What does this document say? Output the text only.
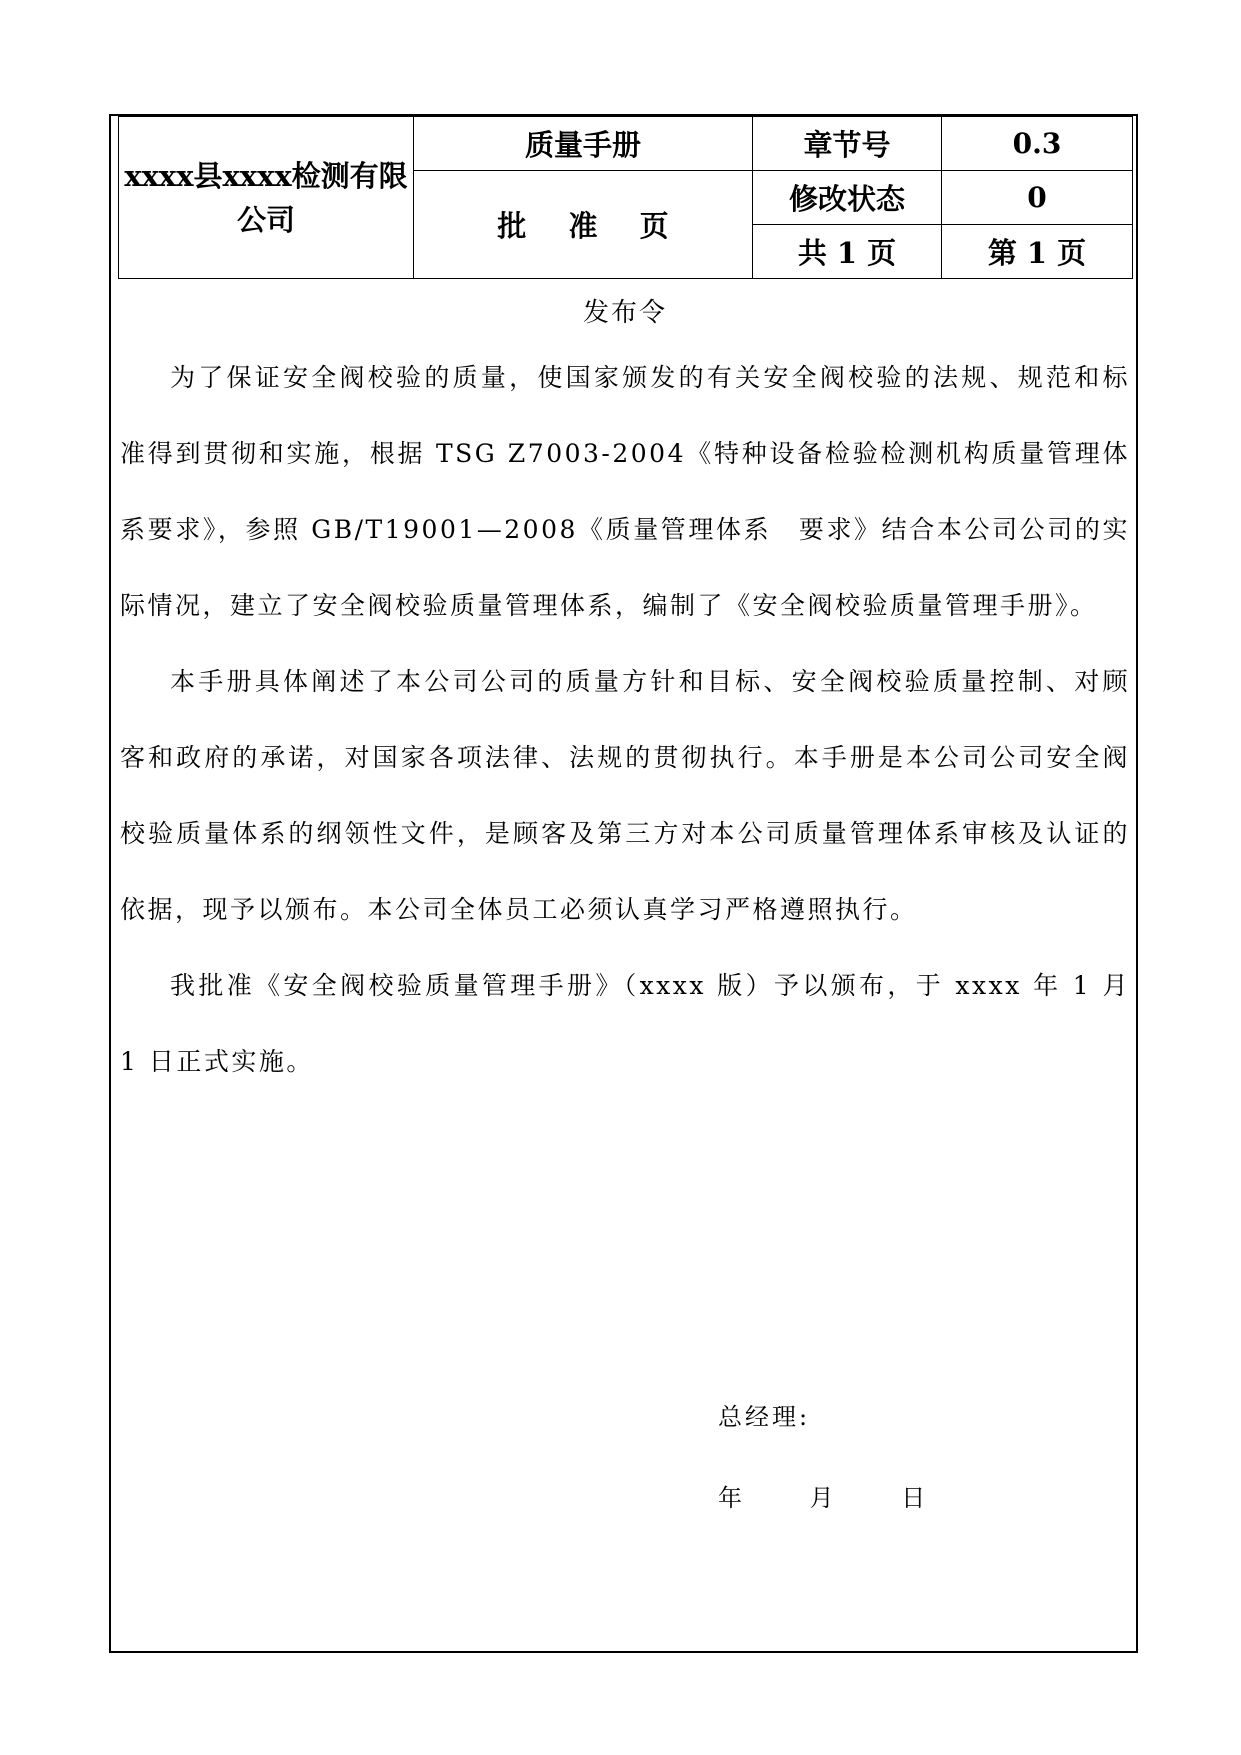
xxxx县xxxx检测有限公司	质量手册	章节号	0.3
	批 准 页	修改状态	0
		共 1 页	第 1 页
发布令

为了保证安全阀校验的质量，使国家颁发的有关安全阀校验的法规、规范和标准得到贯彻和实施，根据 TSG Z7003-2004《特种设备检验检测机构质量管理体系要求》，参照 GB/T19001—2008《质量管理体系　要求》结合本公司公司的实际情况，建立了安全阀校验质量管理体系，编制了《安全阀校验质量管理手册》。

本手册具体阐述了本公司公司的质量方针和目标、安全阀校验质量控制、对顾客和政府的承诺，对国家各项法律、法规的贯彻执行。本手册是本公司公司安全阀校验质量体系的纲领性文件，是顾客及第三方对本公司质量管理体系审核及认证的依据，现予以颁布。本公司全体员工必须认真学习严格遵照执行。

我批准《安全阀校验质量管理手册》（xxxx 版）予以颁布，于 xxxx 年 1 月 1 日正式实施。

总经理:
年　　 月　　 日
